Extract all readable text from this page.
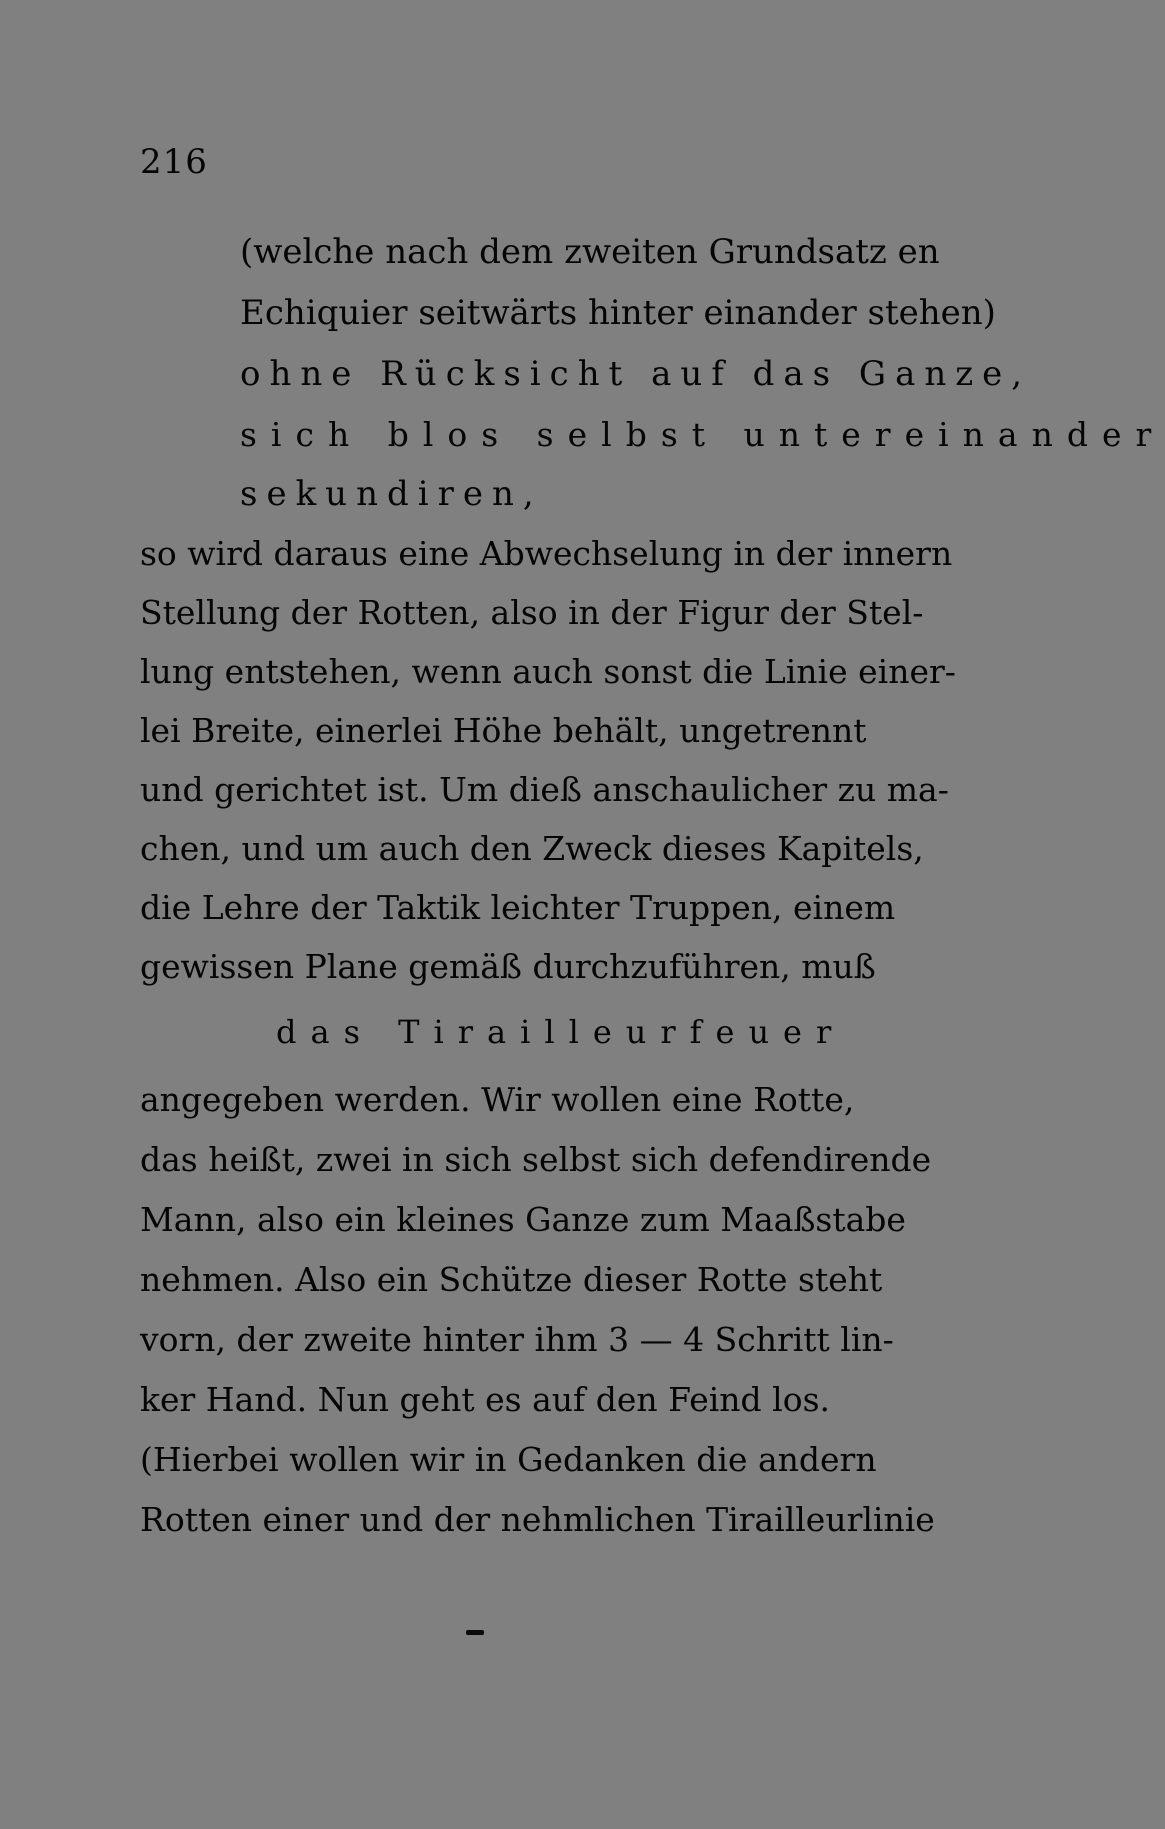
216
(welche nach dem zweiten Grundsatz en
Echiquier seitwärts hinter einander stehen)
ohne Rücksicht auf das Ganze,
sich blos selbst untereinander
sekundiren,
so wird daraus eine Abwechselung in der innern
Stellung der Rotten, also in der Figur der Stel-
lung entstehen, wenn auch sonst die Linie einer-
lei Breite, einerlei Höhe behält, ungetrennt
und gerichtet ist. Um dieß anschaulicher zu ma-
chen, und um auch den Zweck dieses Kapitels,
die Lehre der Taktik leichter Truppen, einem
gewissen Plane gemäß durchzuführen, muß
das Tirailleurfeuer
angegeben werden. Wir wollen eine Rotte,
das heißt, zwei in sich selbst sich defendirende
Mann, also ein kleines Ganze zum Maaßstabe
nehmen. Also ein Schütze dieser Rotte steht
vorn, der zweite hinter ihm 3 — 4 Schritt lin-
ker Hand. Nun geht es auf den Feind los.
(Hierbei wollen wir in Gedanken die andern
Rotten einer und der nehmlichen Tirailleurlinie
